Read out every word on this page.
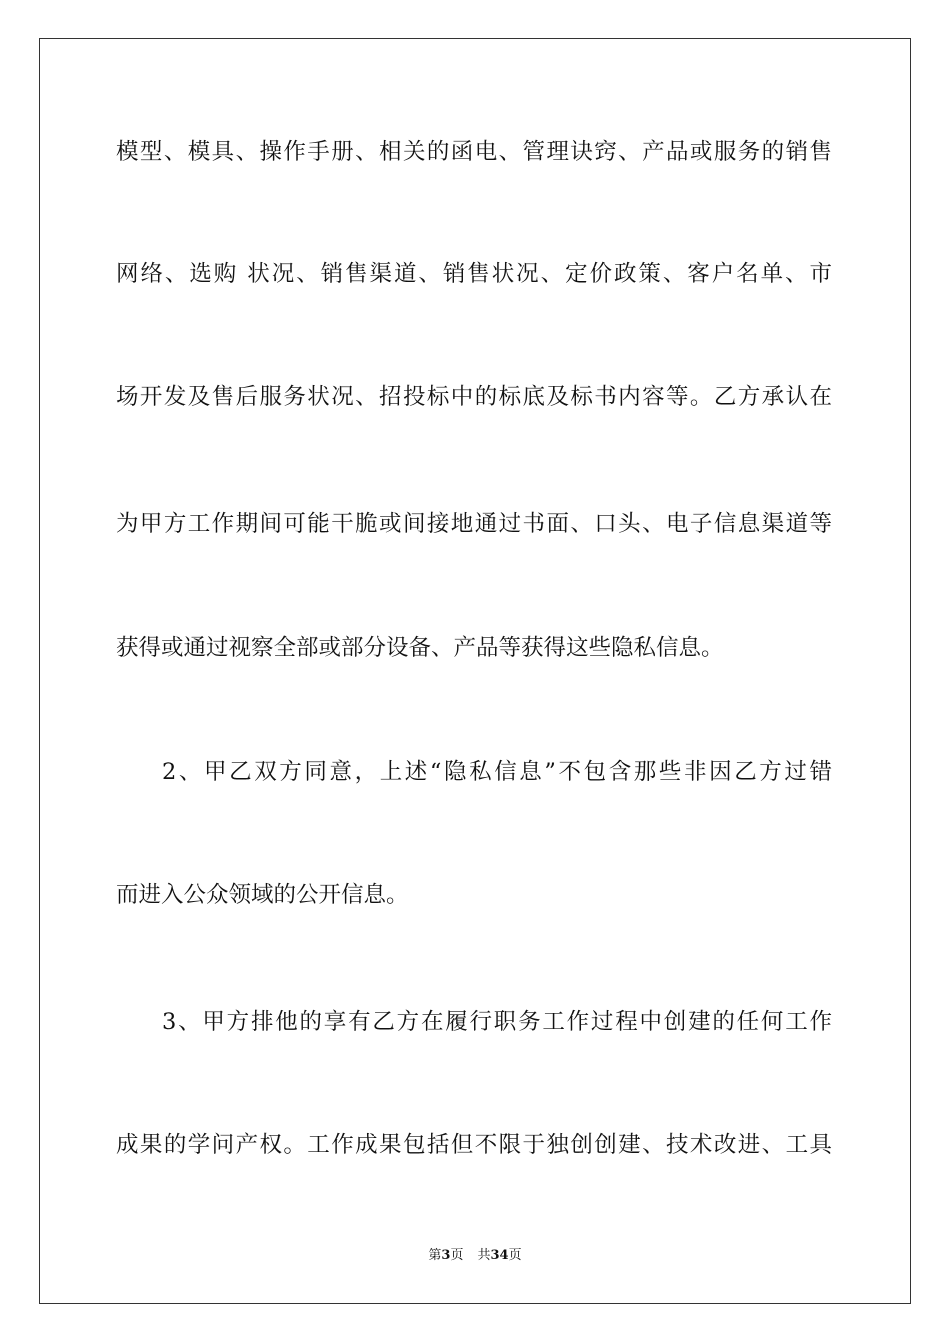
模型、模具、操作手册、相关的函电、管理诀窍、产品或服务的销售
网络、选购 状况、销售渠道、销售状况、定价政策、客户名单、市
场开发及售后服务状况、招投标中的标底及标书内容等。乙方承认在
为甲方工作期间可能干脆或间接地通过书面、口头、电子信息渠道等
获得或通过视察全部或部分设备、产品等获得这些隐私信息。
2、甲乙双方同意，上述“隐私信息”不包含那些非因乙方过错
而进入公众领域的公开信息。
3、甲方排他的享有乙方在履行职务工作过程中创建的任何工作
成果的学问产权。工作成果包括但不限于独创创建、技术改进、工具
第3页 共34页
